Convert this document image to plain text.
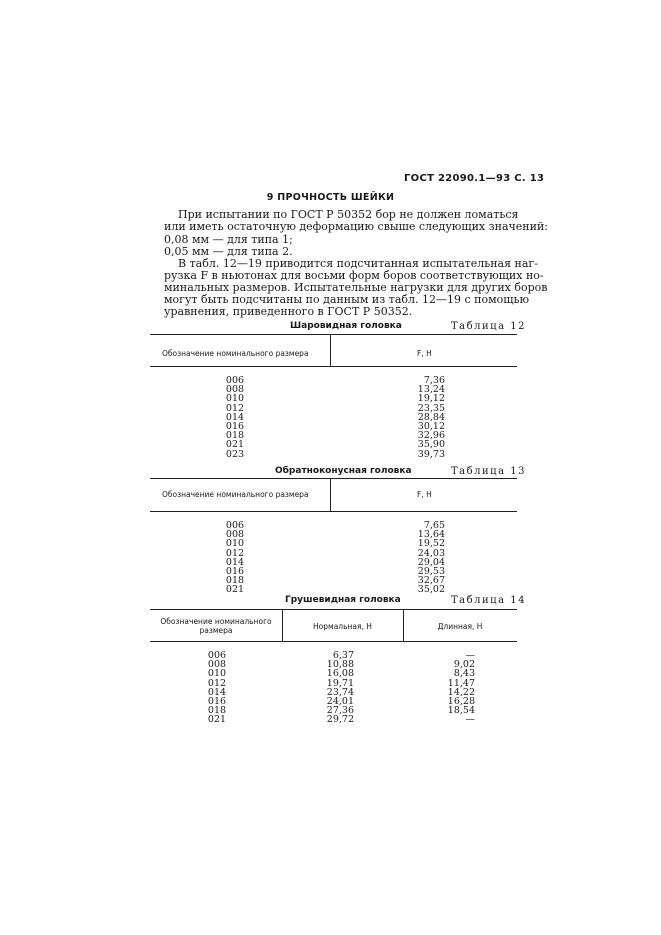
ГОСТ 22090.1—93 С. 13
9 ПРОЧНОСТЬ ШЕЙКИ
При испытании по ГОСТ Р 50352 бор не должен ломаться
или иметь остаточную деформацию свыше следующих значений:
0,08 мм — для типа 1;
0,05 мм — для типа 2.
В табл. 12—19 приводится подсчитанная испытательная наг-
рузка F в ньютонах для восьми форм боров соответствующих но-
минальных размеров. Испытательные нагрузки для других боров
могут быть подсчитаны по данным из табл. 12—19 с помощью
уравнения, приведенного в ГОСТ Р 50352.
Шаровидная головка	Таблица 12
Обозначение номинального размера	F, Н
006	7,36
008	13,24
010	19,12
012	23,35
014	28,84
016	30,12
018	32,96
021	35,90
023	39,73
Обратноконусная головка	Таблица 13
Обозначение номинального размера	F, Н
006	7,65
008	13,64
010	19,52
012	24,03
014	29,04
016	29,53
018	32,67
021	35,02
Грушевидная головка	Таблица 14
Обозначение номинального
размера	Нормальная, Н	Длинная, Н
006	6,37	—
008	10,88	9,02
010	16,08	8,43
012	19,71	11,47
014	23,74	14,22
016	24,01	16,28
018	27,36	18,54
021	29,72	—
